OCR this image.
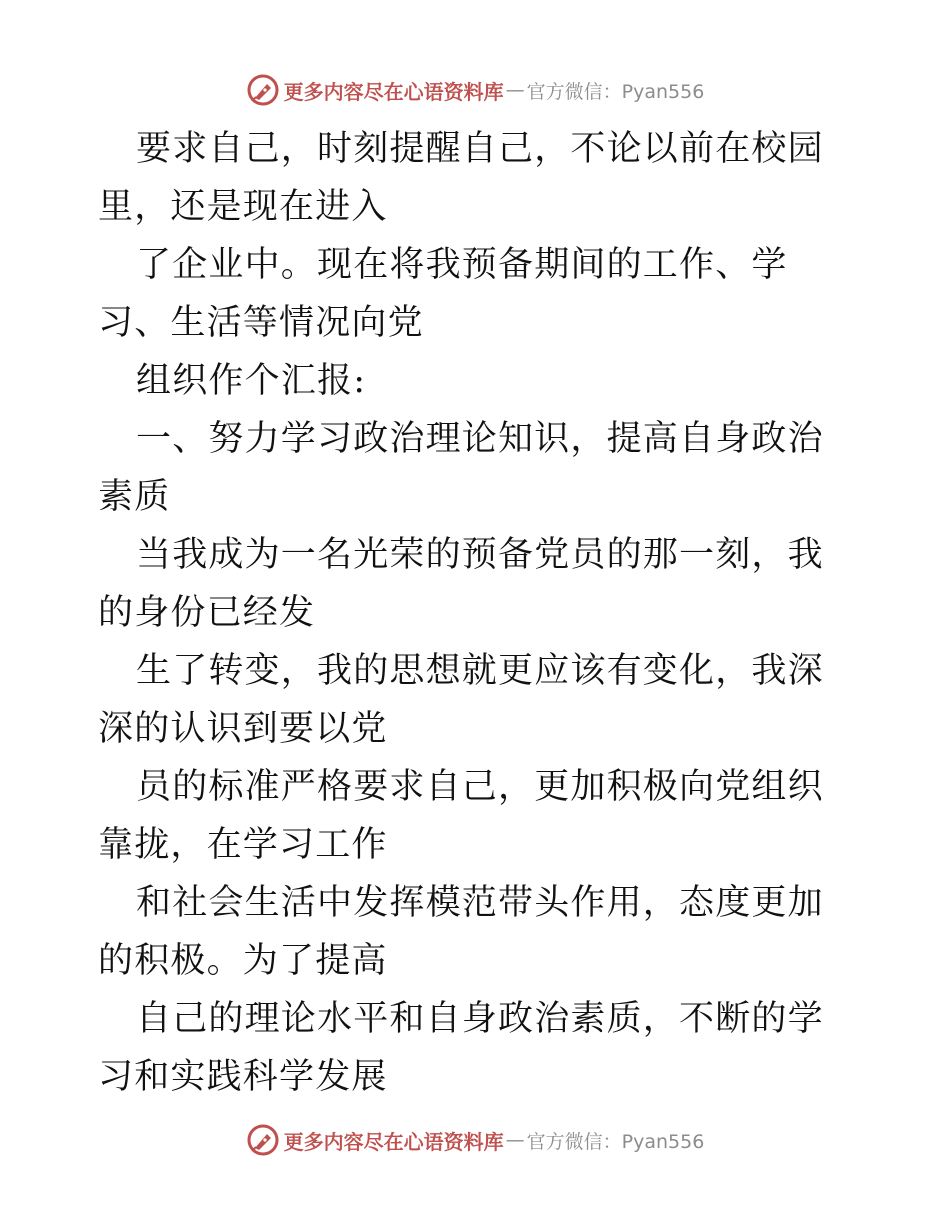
更多内容尽在心语资料库 — 官方微信：Pyan556

要求自己，时刻提醒自己，不论以前在校园里，还是现在进入

了企业中。现在将我预备期间的工作、学习、生活等情况向党

组织作个汇报:

一、努力学习政治理论知识，提高自身政治素质

当我成为一名光荣的预备党员的那一刻，我的身份已经发

生了转变，我的思想就更应该有变化，我深深的认识到要以党

员的标准严格要求自己，更加积极向党组织靠拢，在学习工作

和社会生活中发挥模范带头作用，态度更加的积极。为了提高

自己的理论水平和自身政治素质，不断的学习和实践科学发展

更多内容尽在心语资料库 — 官方微信：Pyan556
